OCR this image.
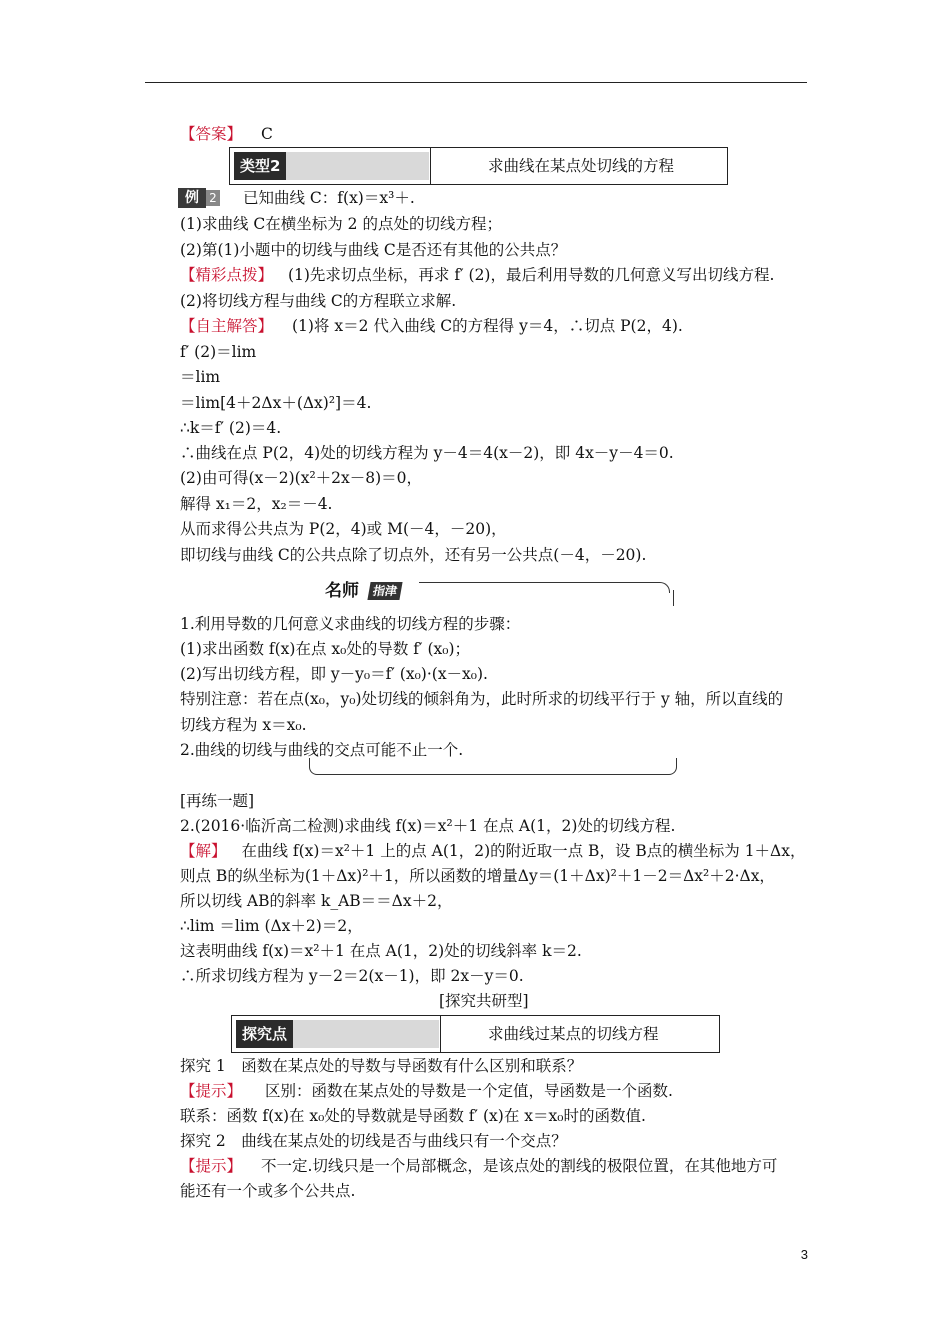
【答案】 C
类型2	求曲线在某点处切线的方程
例 2 已知曲线 C：f(x)＝x³＋.
(1)求曲线 C在横坐标为 2 的点处的切线方程；
(2)第(1)小题中的切线与曲线 C是否还有其他的公共点？
【精彩点拨】 (1)先求切点坐标，再求 f′ (2)，最后利用导数的几何意义写出切线方程.
(2)将切线方程与曲线 C的方程联立求解.
【自主解答】 (1)将 x＝2 代入曲线 C的方程得 y＝4，∴切点 P(2，4).
f′ (2)＝lim
＝lim
＝lim[4＋2Δx＋(Δx)²]＝4.
∴k＝f′ (2)＝4.
∴曲线在点 P(2，4)处的切线方程为 y－4＝4(x－2)，即 4x－y－4＝0.
(2)由可得(x－2)(x²＋2x－8)＝0，
解得 x₁＝2，x₂＝－4.
从而求得公共点为 P(2，4)或 M(－4，－20)，
即切线与曲线 C的公共点除了切点外，还有另一公共点(－4，－20).
名师	指津
1.利用导数的几何意义求曲线的切线方程的步骤：
(1)求出函数 f(x)在点 x₀处的导数 f′ (x₀)；
(2)写出切线方程，即 y－y₀＝f′ (x₀)·(x－x₀).
特别注意：若在点(x₀，y₀)处切线的倾斜角为，此时所求的切线平行于 y 轴，所以直线的
切线方程为 x＝x₀.
2.曲线的切线与曲线的交点可能不止一个.
[再练一题]
2.(2016·临沂高二检测)求曲线 f(x)＝x²＋1 在点 A(1，2)处的切线方程.
【解】 在曲线 f(x)＝x²＋1 上的点 A(1，2)的附近取一点 B，设 B点的横坐标为 1＋Δx，
则点 B的纵坐标为(1＋Δx)²＋1，所以函数的增量Δy＝(1＋Δx)²＋1－2＝Δx²＋2·Δx，
所以切线 AB的斜率 k_AB＝＝Δx＋2，
∴lim ＝lim (Δx＋2)＝2，
这表明曲线 f(x)＝x²＋1 在点 A(1，2)处的切线斜率 k＝2.
∴所求切线方程为 y－2＝2(x－1)，即 2x－y＝0.
[探究共研型]
探究点	求曲线过某点的切线方程
探究 1　函数在某点处的导数与导函数有什么区别和联系？
【提示】 区别：函数在某点处的导数是一个定值，导函数是一个函数.
联系：函数 f(x)在 x₀处的导数就是导函数 f′ (x)在 x＝x₀时的函数值.
探究 2　曲线在某点处的切线是否与曲线只有一个交点？
【提示】 不一定.切线只是一个局部概念，是该点处的割线的极限位置，在其他地方可
能还有一个或多个公共点.
3
